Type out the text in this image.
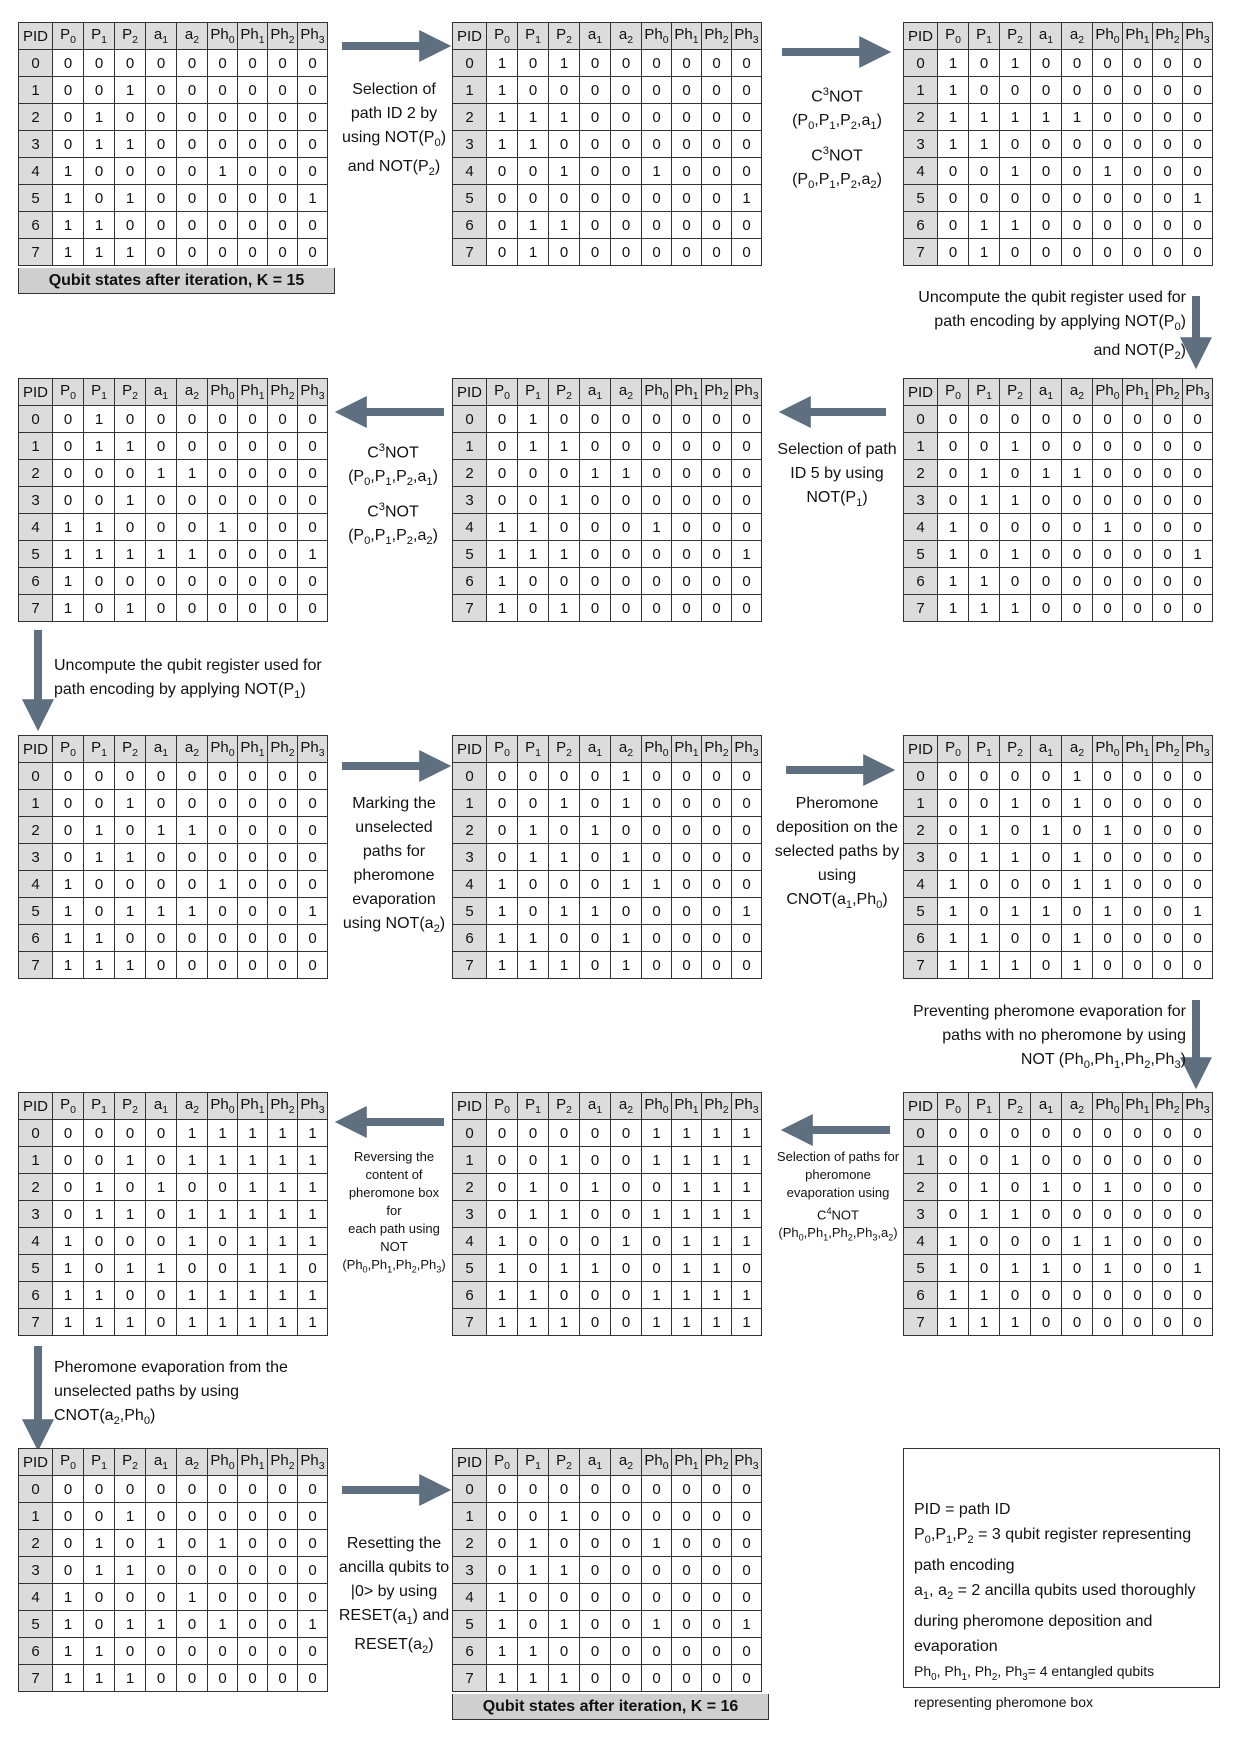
PID	$P_0$	$P_1$	$P_2$	$a_1$	$a_2$	$Ph_0$	$Ph_1$	$Ph_2$	$Ph_3$
0	0	0	0	0	0	0	0	0	0
1	0	0	1	0	0	0	0	0	0
2	0	1	0	0	0	0	0	0	0
3	0	1	1	0	0	0	0	0	0
4	1	0	0	0	0	1	0	0	0
5	1	0	1	0	0	0	0	0	1
6	1	1	0	0	0	0	0	0	0
7	1	1	1	0	0	0	0	0	0
Qubit states after iteration, K = 15
PID	$P_0$	$P_1$	$P_2$	$a_1$	$a_2$	$Ph_0$	$Ph_1$	$Ph_2$	$Ph_3$
0	1	0	1	0	0	0	0	0	0
1	1	0	0	0	0	0	0	0	0
2	1	1	1	0	0	0	0	0	0
3	1	1	0	0	0	0	0	0	0
4	0	0	1	0	0	1	0	0	0
5	0	0	0	0	0	0	0	0	1
6	0	1	1	0	0	0	0	0	0
7	0	1	0	0	0	0	0	0	0
PID	$P_0$	$P_1$	$P_2$	$a_1$	$a_2$	$Ph_0$	$Ph_1$	$Ph_2$	$Ph_3$
0	1	0	1	0	0	0	0	0	0
1	1	0	0	0	0	0	0	0	0
2	1	1	1	1	1	0	0	0	0
3	1	1	0	0	0	0	0	0	0
4	0	0	1	0	0	1	0	0	0
5	0	0	0	0	0	0	0	0	1
6	0	1	1	0	0	0	0	0	0
7	0	1	0	0	0	0	0	0	0
PID	$P_0$	$P_1$	$P_2$	$a_1$	$a_2$	$Ph_0$	$Ph_1$	$Ph_2$	$Ph_3$
0	0	1	0	0	0	0	0	0	0
1	0	1	1	0	0	0	0	0	0
2	0	0	0	1	1	0	0	0	0
3	0	0	1	0	0	0	0	0	0
4	1	1	0	0	0	1	0	0	0
5	1	1	1	1	1	0	0	0	1
6	1	0	0	0	0	0	0	0	0
7	1	0	1	0	0	0	0	0	0
PID	$P_0$	$P_1$	$P_2$	$a_1$	$a_2$	$Ph_0$	$Ph_1$	$Ph_2$	$Ph_3$
0	0	1	0	0	0	0	0	0	0
1	0	1	1	0	0	0	0	0	0
2	0	0	0	1	1	0	0	0	0
3	0	0	1	0	0	0	0	0	0
4	1	1	0	0	0	1	0	0	0
5	1	1	1	0	0	0	0	0	1
6	1	0	0	0	0	0	0	0	0
7	1	0	1	0	0	0	0	0	0
PID	$P_0$	$P_1$	$P_2$	$a_1$	$a_2$	$Ph_0$	$Ph_1$	$Ph_2$	$Ph_3$
0	0	0	0	0	0	0	0	0	0
1	0	0	1	0	0	0	0	0	0
2	0	1	0	1	1	0	0	0	0
3	0	1	1	0	0	0	0	0	0
4	1	0	0	0	0	1	0	0	0
5	1	0	1	0	0	0	0	0	1
6	1	1	0	0	0	0	0	0	0
7	1	1	1	0	0	0	0	0	0
PID	$P_0$	$P_1$	$P_2$	$a_1$	$a_2$	$Ph_0$	$Ph_1$	$Ph_2$	$Ph_3$
0	0	0	0	0	0	0	0	0	0
1	0	0	1	0	0	0	0	0	0
2	0	1	0	1	1	0	0	0	0
3	0	1	1	0	0	0	0	0	0
4	1	0	0	0	0	1	0	0	0
5	1	0	1	1	1	0	0	0	1
6	1	1	0	0	0	0	0	0	0
7	1	1	1	0	0	0	0	0	0
PID	$P_0$	$P_1$	$P_2$	$a_1$	$a_2$	$Ph_0$	$Ph_1$	$Ph_2$	$Ph_3$
0	0	0	0	0	1	0	0	0	0
1	0	0	1	0	1	0	0	0	0
2	0	1	0	1	0	0	0	0	0
3	0	1	1	0	1	0	0	0	0
4	1	0	0	0	1	1	0	0	0
5	1	0	1	1	0	0	0	0	1
6	1	1	0	0	1	0	0	0	0
7	1	1	1	0	1	0	0	0	0
PID	$P_0$	$P_1$	$P_2$	$a_1$	$a_2$	$Ph_0$	$Ph_1$	$Ph_2$	$Ph_3$
0	0	0	0	0	1	0	0	0	0
1	0	0	1	0	1	0	0	0	0
2	0	1	0	1	0	1	0	0	0
3	0	1	1	0	1	0	0	0	0
4	1	0	0	0	1	1	0	0	0
5	1	0	1	1	0	1	0	0	1
6	1	1	0	0	1	0	0	0	0
7	1	1	1	0	1	0	0	0	0
PID	$P_0$	$P_1$	$P_2$	$a_1$	$a_2$	$Ph_0$	$Ph_1$	$Ph_2$	$Ph_3$
0	0	0	0	0	1	1	1	1	1
1	0	0	1	0	1	1	1	1	1
2	0	1	0	1	0	0	1	1	1
3	0	1	1	0	1	1	1	1	1
4	1	0	0	0	1	0	1	1	1
5	1	0	1	1	0	0	1	1	0
6	1	1	0	0	1	1	1	1	1
7	1	1	1	0	1	1	1	1	1
PID	$P_0$	$P_1$	$P_2$	$a_1$	$a_2$	$Ph_0$	$Ph_1$	$Ph_2$	$Ph_3$
0	0	0	0	0	0	1	1	1	1
1	0	0	1	0	0	1	1	1	1
2	0	1	0	1	0	0	1	1	1
3	0	1	1	0	0	1	1	1	1
4	1	0	0	0	1	0	1	1	1
5	1	0	1	1	0	0	1	1	0
6	1	1	0	0	0	1	1	1	1
7	1	1	1	0	0	1	1	1	1
PID	$P_0$	$P_1$	$P_2$	$a_1$	$a_2$	$Ph_0$	$Ph_1$	$Ph_2$	$Ph_3$
0	0	0	0	0	0	0	0	0	0
1	0	0	1	0	0	0	0	0	0
2	0	1	0	1	0	1	0	0	0
3	0	1	1	0	0	0	0	0	0
4	1	0	0	0	1	1	0	0	0
5	1	0	1	1	0	1	0	0	1
6	1	1	0	0	0	0	0	0	0
7	1	1	1	0	0	0	0	0	0
PID	$P_0$	$P_1$	$P_2$	$a_1$	$a_2$	$Ph_0$	$Ph_1$	$Ph_2$	$Ph_3$
0	0	0	0	0	0	0	0	0	0
1	0	0	1	0	0	0	0	0	0
2	0	1	0	1	0	1	0	0	0
3	0	1	1	0	0	0	0	0	0
4	1	0	0	0	1	0	0	0	0
5	1	0	1	1	0	1	0	0	1
6	1	1	0	0	0	0	0	0	0
7	1	1	1	0	0	0	0	0	0
PID	$P_0$	$P_1$	$P_2$	$a_1$	$a_2$	$Ph_0$	$Ph_1$	$Ph_2$	$Ph_3$
0	0	0	0	0	0	0	0	0	0
1	0	0	1	0	0	0	0	0	0
2	0	1	0	0	0	1	0	0	0
3	0	1	1	0	0	0	0	0	0
4	1	0	0	0	0	0	0	0	0
5	1	0	1	0	0	1	0	0	1
6	1	1	0	0	0	0	0	0	0
7	1	1	1	0	0	0	0	0	0
Qubit states after iteration, K = 16
Selection of
path ID 2 by
using $NOT(P_0)$
and $NOT(P_2)$
$C^3NOT$
$(P_0,P_1,P_2,a_1)$
$C^3NOT$
$(P_0,P_1,P_2,a_2)$
Uncompute the qubit register used for
path encoding by applying $NOT(P_0)$
and $NOT(P_2)$
Selection of path
ID 5 by using
$NOT(P_1)$
$C^3NOT$
$(P_0,P_1,P_2,a_1)$
$C^3NOT$
$(P_0,P_1,P_2,a_2)$
Uncompute the qubit register used for
path encoding by applying $NOT(P_1)$
Marking the
unselected
paths for
pheromone
evaporation
using $NOT(a_2)$
Pheromone
deposition on the
selected paths by
using
$CNOT(a_1,Ph_0)$
Preventing pheromone evaporation for
paths with no pheromone by using
NOT $(Ph_0,Ph_1,Ph_2,Ph_3)$
Selection of paths for
pheromone
evaporation using
$C^4NOT$
$(Ph_0,Ph_1,Ph_2,Ph_3,a_2)$
Reversing the
content of
pheromone box for
each path using
NOT
$(Ph_0,Ph_1,Ph_2,Ph_3)$
Pheromone evaporation from the
unselected paths by using
$CNOT(a_2,Ph_0)$
Resetting the
ancilla qubits to
|0> by using
$RESET(a_1)$ and
$RESET(a_2)$
PID = path ID
$P_0,P_1,P_2 = 3$ qubit register representing path encoding
$a_1$, $a_2 = 2$ ancilla qubits used thoroughly during pheromone deposition and evaporation
$Ph_0$, $Ph_1$, $Ph_2$, $Ph_3= 4$ entangled qubits representing pheromone box
